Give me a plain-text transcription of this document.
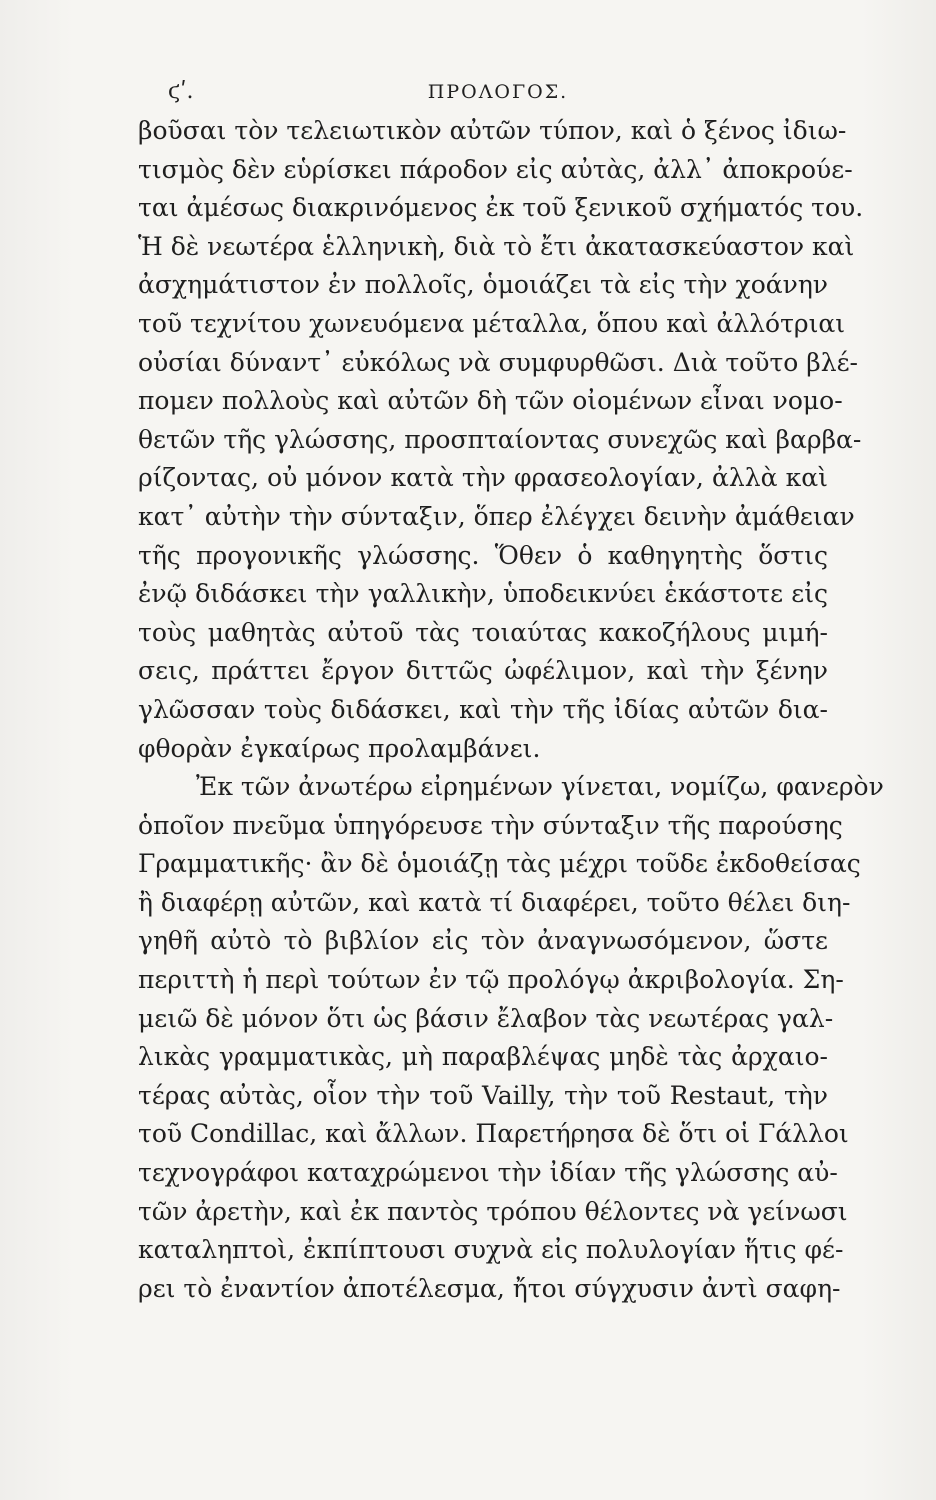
ϛʹ.	ΠΡΟΛΟΓΟΣ.
βοῦσαι τὸν τελειωτικὸν αὐτῶν τύπον, καὶ ὁ ξένος ἰδιω-
τισμὸς δὲν εὑρίσκει πάροδον εἰς αὐτὰς, ἀλλ᾽ ἀποκρούε-
ται ἀμέσως διακρινόμενος ἐκ τοῦ ξενικοῦ σχήματός του.
Ἡ δὲ νεωτέρα ἑλληνικὴ, διὰ τὸ ἔτι ἀκατασκεύαστον καὶ
ἀσχημάτιστον ἐν πολλοῖς, ὁμοιάζει τὰ εἰς τὴν χοάνην
τοῦ τεχνίτου χωνευόμενα μέταλλα, ὅπου καὶ ἀλλότριαι
οὐσίαι δύναντ᾽ εὐκόλως νὰ συμφυρθῶσι. Διὰ τοῦτο βλέ-
πομεν πολλοὺς καὶ αὐτῶν δὴ τῶν οἰομένων εἶναι νομο-
θετῶν τῆς γλώσσης, προσπταίοντας συνεχῶς καὶ βαρβα-
ρίζοντας, οὐ μόνον κατὰ τὴν φρασεολογίαν, ἀλλὰ καὶ
κατ᾽ αὐτὴν τὴν σύνταξιν, ὅπερ ἐλέγχει δεινὴν ἀμάθειαν
τῆς προγονικῆς γλώσσης. Ὅθεν ὁ καθηγητὴς ὅστις
ἐνῷ διδάσκει τὴν γαλλικὴν, ὑποδεικνύει ἑκάστοτε εἰς
τοὺς μαθητὰς αὐτοῦ τὰς τοιαύτας κακοζήλους μιμή-
σεις, πράττει ἔργον διττῶς ὠφέλιμον, καὶ τὴν ξένην
γλῶσσαν τοὺς διδάσκει, καὶ τὴν τῆς ἰδίας αὐτῶν δια-
φθορὰν ἐγκαίρως προλαμβάνει.
Ἐκ τῶν ἀνωτέρω εἰρημένων γίνεται, νομίζω, φανερὸν
ὁποῖον πνεῦμα ὑπηγόρευσε τὴν σύνταξιν τῆς παρούσης
Γραμματικῆς· ἂν δὲ ὁμοιάζῃ τὰς μέχρι τοῦδε ἐκδοθείσας
ἢ διαφέρῃ αὐτῶν, καὶ κατὰ τί διαφέρει, τοῦτο θέλει διη-
γηθῆ αὐτὸ τὸ βιβλίον εἰς τὸν ἀναγνωσόμενον, ὥστε
περιττὴ ἡ περὶ τούτων ἐν τῷ προλόγῳ ἀκριβολογία. Ση-
μειῶ δὲ μόνον ὅτι ὡς βάσιν ἔλαβον τὰς νεωτέρας γαλ-
λικὰς γραμματικὰς, μὴ παραβλέψας μηδὲ τὰς ἀρχαιο-
τέρας αὐτὰς, οἷον τὴν τοῦ Vailly, τὴν τοῦ Restaut, τὴν
τοῦ Condillac, καὶ ἄλλων. Παρετήρησα δὲ ὅτι οἱ Γάλλοι
τεχνογράφοι καταχρώμενοι τὴν ἰδίαν τῆς γλώσσης αὐ-
τῶν ἀρετὴν, καὶ ἐκ παντὸς τρόπου θέλοντες νὰ γείνωσι
καταληπτοὶ, ἐκπίπτουσι συχνὰ εἰς πολυλογίαν ἥτις φέ-
ρει τὸ ἐναντίον ἀποτέλεσμα, ἤτοι σύγχυσιν ἀντὶ σαφη-
